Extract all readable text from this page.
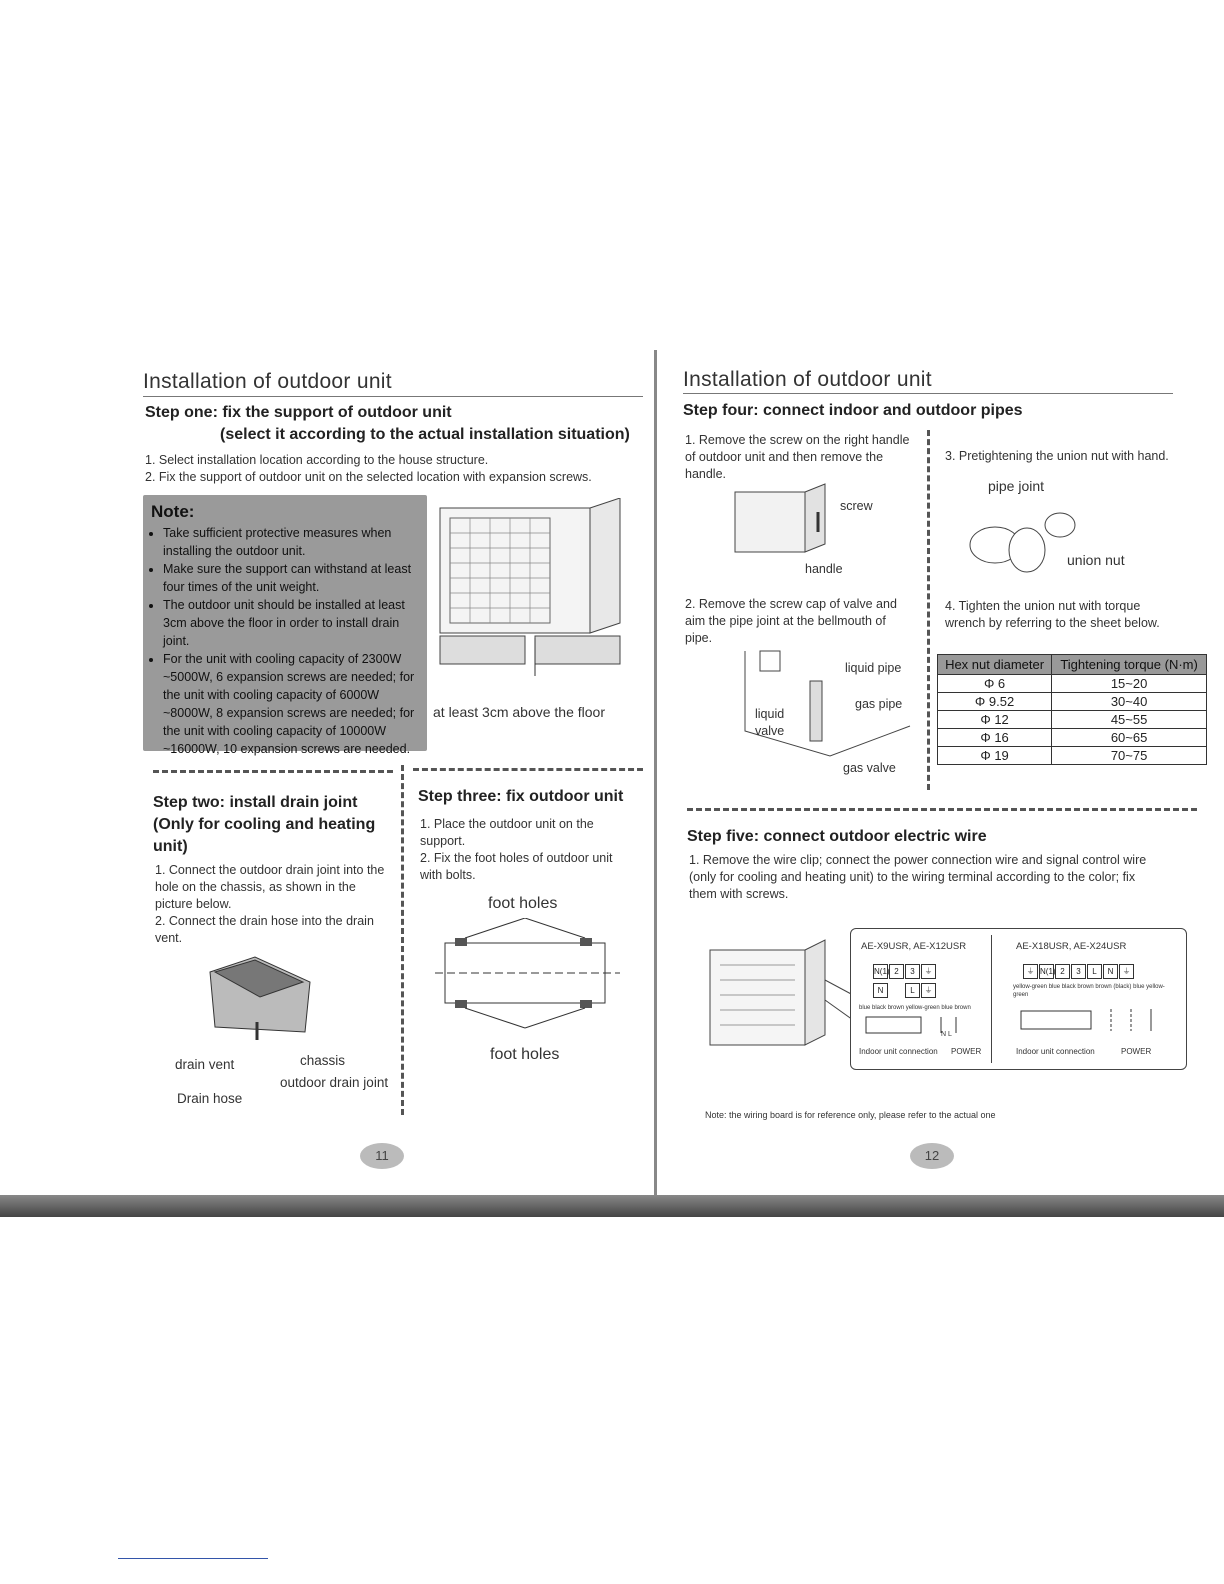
Installation of outdoor unit
Step one: fix the support of outdoor unit
(select it according to the actual installation situation)
1. Select installation location according to the house structure.
2. Fix the support of outdoor unit on the selected location with expansion screws.
Note:
• Take sufficient protective measures when installing the outdoor unit.
• Make sure the support can withstand at least four times of the unit weight.
• The outdoor unit should be installed at least 3cm above the floor in order to install drain joint.
• For the unit with cooling capacity of 2300W ~5000W, 6 expansion screws are needed; for the unit with cooling capacity of 6000W ~8000W, 8 expansion screws are needed; for the unit with cooling capacity of 10000W ~16000W, 10 expansion screws are needed.
at least 3cm above the floor
Step two: install drain joint (Only for cooling and heating unit)
1. Connect the outdoor drain joint into the hole on the chassis, as shown in the picture below.
2. Connect the drain hose into the drain vent.
drain vent	chassis
outdoor drain joint
Drain hose
Step three: fix outdoor unit
1. Place the outdoor unit on the support.
2. Fix the foot holes of outdoor unit with bolts.
foot holes
foot holes
11
Installation of outdoor unit
Step four: connect indoor and outdoor pipes
1. Remove the screw on the right handle of outdoor unit and then remove the handle.
screw
handle
2. Remove the screw cap of valve and aim the pipe joint at the bellmouth of pipe.
liquid pipe
gas pipe
liquid valve
gas valve
3. Pretightening the union nut with hand.
pipe joint
union nut
4. Tighten the union nut with torque wrench by referring to the sheet below.
Hex nut diameter	Tightening torque (N·m)
Φ 6	15~20
Φ 9.52	30~40
Φ 12	45~55
Φ 16	60~65
Φ 19	70~75
Step five: connect outdoor electric wire
1. Remove the wire clip; connect the power connection wire and signal control wire (only for cooling and heating unit) to the wiring terminal according to the color; fix them with screws.
AE-X9USR, AE-X12USR
N(1) 2 3 ⏚
N	L ⏚
blue black brown yellow-green blue brown
N L
Indoor unit connection POWER
AE-X18USR, AE-X24USR
⏚ N(1) 2 3 L N ⏚
yellow-green blue black brown brown (black) blue yellow-green
Indoor unit connection	POWER
Note: the wiring board is for reference only, please refer to the actual one
12
